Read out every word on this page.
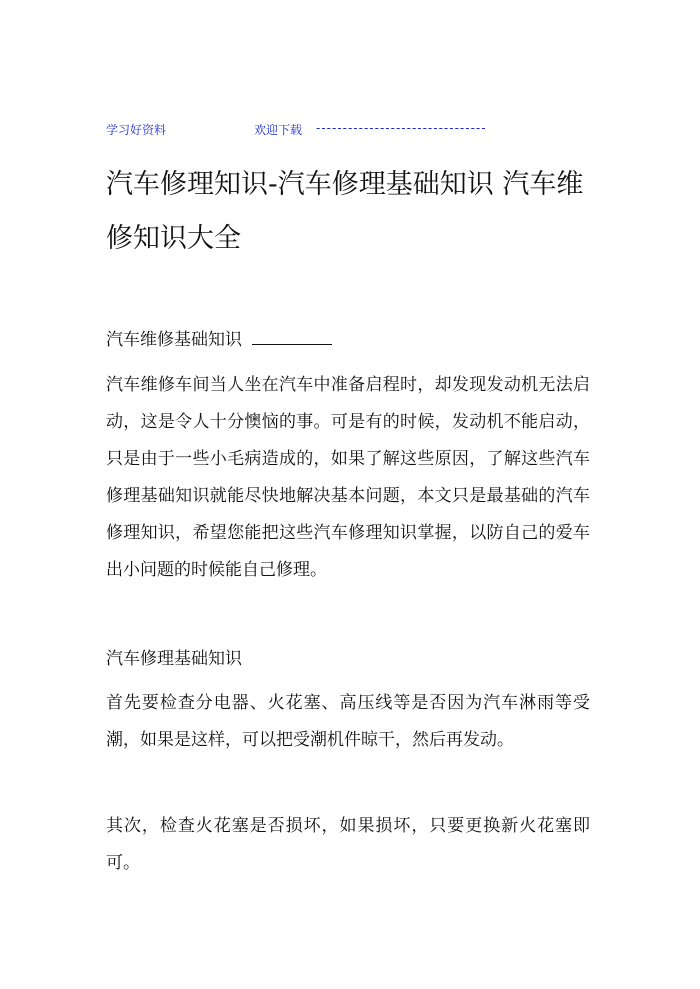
学习好资料	欢迎下载 --------------------------------
汽车修理知识-汽车修理基础知识 汽车维修知识大全
汽车维修基础知识

汽车维修车间当人坐在汽车中准备启程时，却发现发动机无法启动，这是令人十分懊恼的事。可是有的时候，发动机不能启动，只是由于一些小毛病造成的，如果了解这些原因，了解这些汽车修理基础知识就能尽快地解决基本问题，本文只是最基础的汽车修理知识，希望您能把这些汽车修理知识掌握，以防自己的爱车出小问题的时候能自己修理。

汽车修理基础知识

首先要检查分电器、火花塞、高压线等是否因为汽车淋雨等受潮，如果是这样，可以把受潮机件晾干，然后再发动。

其次，检查火花塞是否损坏，如果损坏，只要更换新火花塞即可。
